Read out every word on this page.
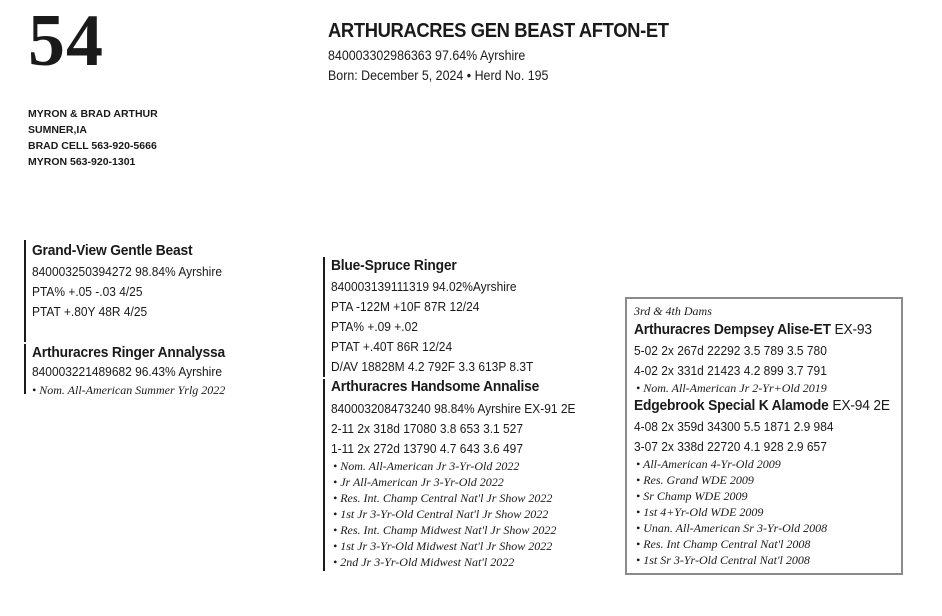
54
MYRON & BRAD ARTHUR
SUMNER,IA
BRAD CELL 563-920-5666
MYRON 563-920-1301
ARTHURACRES GEN BEAST AFTON-ET
840003302986363 97.64% Ayrshire
Born: December 5, 2024 • Herd No. 195
Grand-View Gentle Beast
840003250394272 98.84% Ayrshire
PTA% +.05 -.03 4/25
PTAT +.80Y 48R 4/25
Arthuracres Ringer Annalyssa
840003221489682 96.43% Ayrshire
• Nom. All-American Summer Yrlg 2022
Blue-Spruce Ringer
840003139111319 94.02%Ayrshire
PTA -122M +10F 87R 12/24
PTA% +.09 +.02
PTAT +.40T 86R 12/24
D/AV 18828M 4.2 792F 3.3 613P 8.3T
Arthuracres Handsome Annalise
840003208473240 98.84% Ayrshire EX-91 2E
2-11 2x 318d 17080 3.8 653 3.1 527
1-11 2x 272d 13790 4.7 643 3.6 497
• Nom. All-American Jr 3-Yr-Old 2022
• Jr All-American Jr 3-Yr-Old 2022
• Res. Int. Champ Central Nat'l Jr Show 2022
• 1st Jr 3-Yr-Old Central Nat'l Jr Show 2022
• Res. Int. Champ Midwest Nat'l Jr Show 2022
• 1st Jr 3-Yr-Old Midwest Nat'l Jr Show 2022
• 2nd Jr 3-Yr-Old Midwest Nat'l 2022
3rd & 4th Dams
Arthuracres Dempsey Alise-ET EX-93
5-02 2x 267d 22292 3.5 789 3.5 780
4-02 2x 331d 21423 4.2 899 3.7 791
• Nom. All-American Jr 2-Yr+Old 2019
Edgebrook Special K Alamode EX-94 2E
4-08 2x 359d 34300 5.5 1871 2.9 984
3-07 2x 338d 22720 4.1 928 2.9 657
• All-American 4-Yr-Old 2009
• Res. Grand WDE 2009
• Sr Champ WDE 2009
• 1st 4+Yr-Old WDE 2009
• Unan. All-American Sr 3-Yr-Old 2008
• Res. Int Champ Central Nat'l 2008
• 1st Sr 3-Yr-Old Central Nat'l 2008
